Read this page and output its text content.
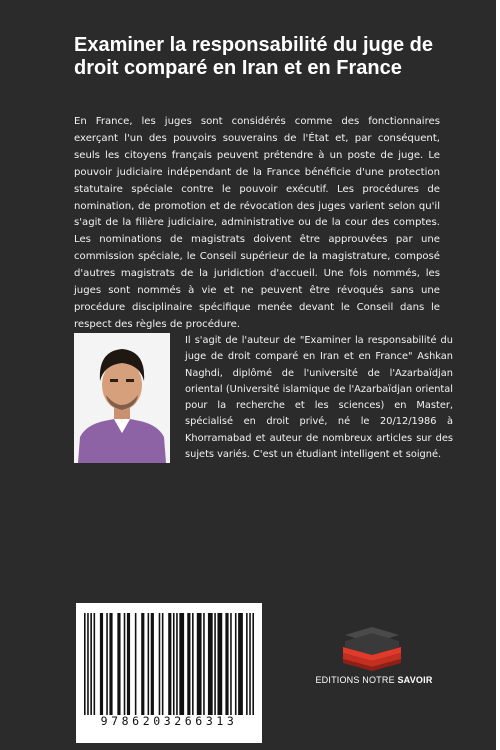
Examiner la responsabilité du juge de droit comparé en Iran et en France

En France, les juges sont considérés comme des fonctionnaires exerçant l'un des pouvoirs souverains de l'État et, par conséquent, seuls les citoyens français peuvent prétendre à un poste de juge. Le pouvoir judiciaire indépendant de la France bénéficie d'une protection statutaire spéciale contre le pouvoir exécutif. Les procédures de nomination, de promotion et de révocation des juges varient selon qu'il s'agit de la filière judiciaire, administrative ou de la cour des comptes. Les nominations de magistrats doivent être approuvées par une commission spéciale, le Conseil supérieur de la magistrature, composé d'autres magistrats de la juridiction d'accueil. Une fois nommés, les juges sont nommés à vie et ne peuvent être révoqués sans une procédure disciplinaire spécifique menée devant le Conseil dans le respect des règles de procédure.

Il s'agit de l'auteur de "Examiner la responsabilité du juge de droit comparé en Iran et en France" Ashkan Naghdi, diplômé de l'université de l'Azarbaïdjan oriental (Université islamique de l'Azarbaïdjan oriental pour la recherche et les sciences) en Master, spécialisé en droit privé, né le 20/12/1986 à Khorramabad et auteur de nombreux articles sur des sujets variés. C'est un étudiant intelligent et soigné.

9786203266313
EDITIONS NOTRE SAVOIR
